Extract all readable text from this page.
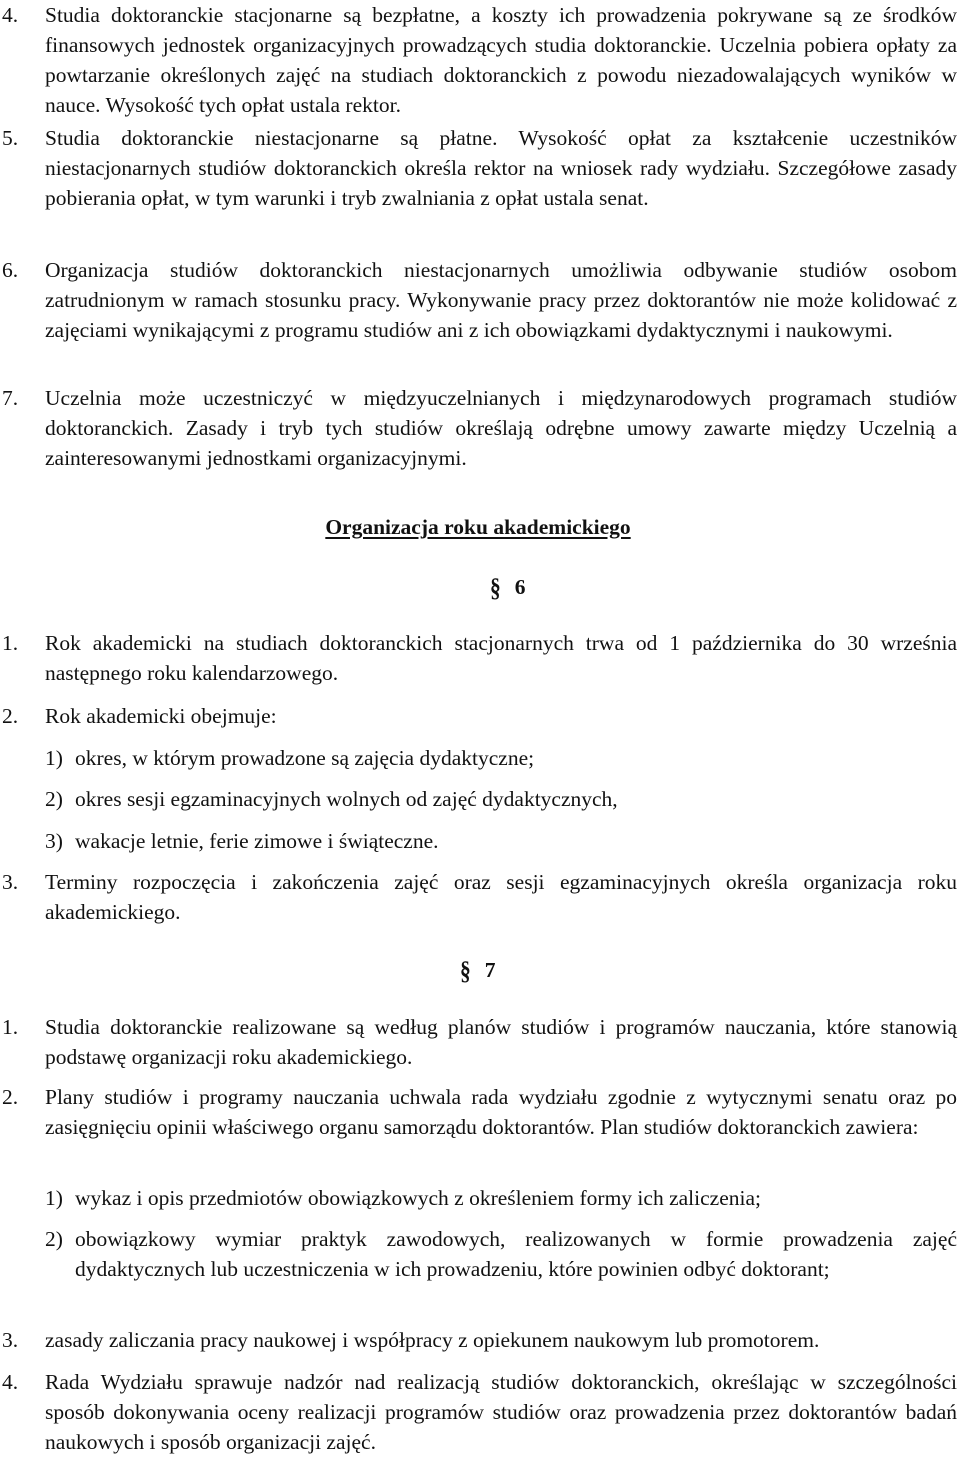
4.	Studia doktoranckie stacjonarne są bezpłatne, a koszty ich prowadzenia pokrywane są ze środków finansowych jednostek organizacyjnych prowadzących studia doktoranckie. Uczelnia pobiera opłaty za powtarzanie określonych zajęć na studiach doktoranckich z powodu niezadowalających wyników w nauce. Wysokość tych opłat ustala rektor.
5.	Studia doktoranckie niestacjonarne są płatne. Wysokość opłat za kształcenie uczestników niestacjonarnych studiów doktoranckich określa rektor na wniosek rady wydziału. Szczegółowe zasady pobierania opłat, w tym warunki i tryb zwalniania z opłat ustala senat.
6.	Organizacja studiów doktoranckich niestacjonarnych umożliwia odbywanie studiów osobom zatrudnionym w ramach stosunku pracy. Wykonywanie pracy przez doktorantów nie może kolidować z zajęciami wynikającymi z programu studiów ani z ich obowiązkami dydaktycznymi i naukowymi.
7.	Uczelnia może uczestniczyć w międzyuczelnianych i międzynarodowych programach studiów doktoranckich. Zasady i tryb tych studiów określają odrębne umowy zawarte między Uczelnią a zainteresowanymi jednostkami organizacyjnymi.
Organizacja roku akademickiego
§ 6
1.	Rok akademicki na studiach doktoranckich stacjonarnych trwa od 1 października do 30 września następnego roku kalendarzowego.
2.	Rok akademicki obejmuje:
1) okres, w którym prowadzone są zajęcia dydaktyczne;
2) okres sesji egzaminacyjnych wolnych od zajęć dydaktycznych,
3) wakacje letnie, ferie zimowe i świąteczne.
3.	Terminy rozpoczęcia i zakończenia zajęć oraz sesji egzaminacyjnych określa organizacja roku akademickiego.
§ 7
1.	Studia doktoranckie realizowane są według planów studiów i programów nauczania, które stanowią podstawę organizacji roku akademickiego.
2.	Plany studiów i programy nauczania uchwala rada wydziału zgodnie z wytycznymi senatu oraz po zasięgnięciu opinii właściwego organu samorządu doktorantów. Plan studiów doktoranckich zawiera:
1) wykaz i opis przedmiotów obowiązkowych z określeniem formy ich zaliczenia;
2) obowiązkowy wymiar praktyk zawodowych, realizowanych w formie prowadzenia zajęć dydaktycznych lub uczestniczenia w ich prowadzeniu, które powinien odbyć doktorant;
3.	zasady zaliczania pracy naukowej i współpracy z opiekunem naukowym lub promotorem.
4.	Rada Wydziału sprawuje nadzór nad realizacją studiów doktoranckich, określając w szczególności sposób dokonywania oceny realizacji programów studiów oraz prowadzenia przez doktorantów badań naukowych i sposób organizacji zajęć.
